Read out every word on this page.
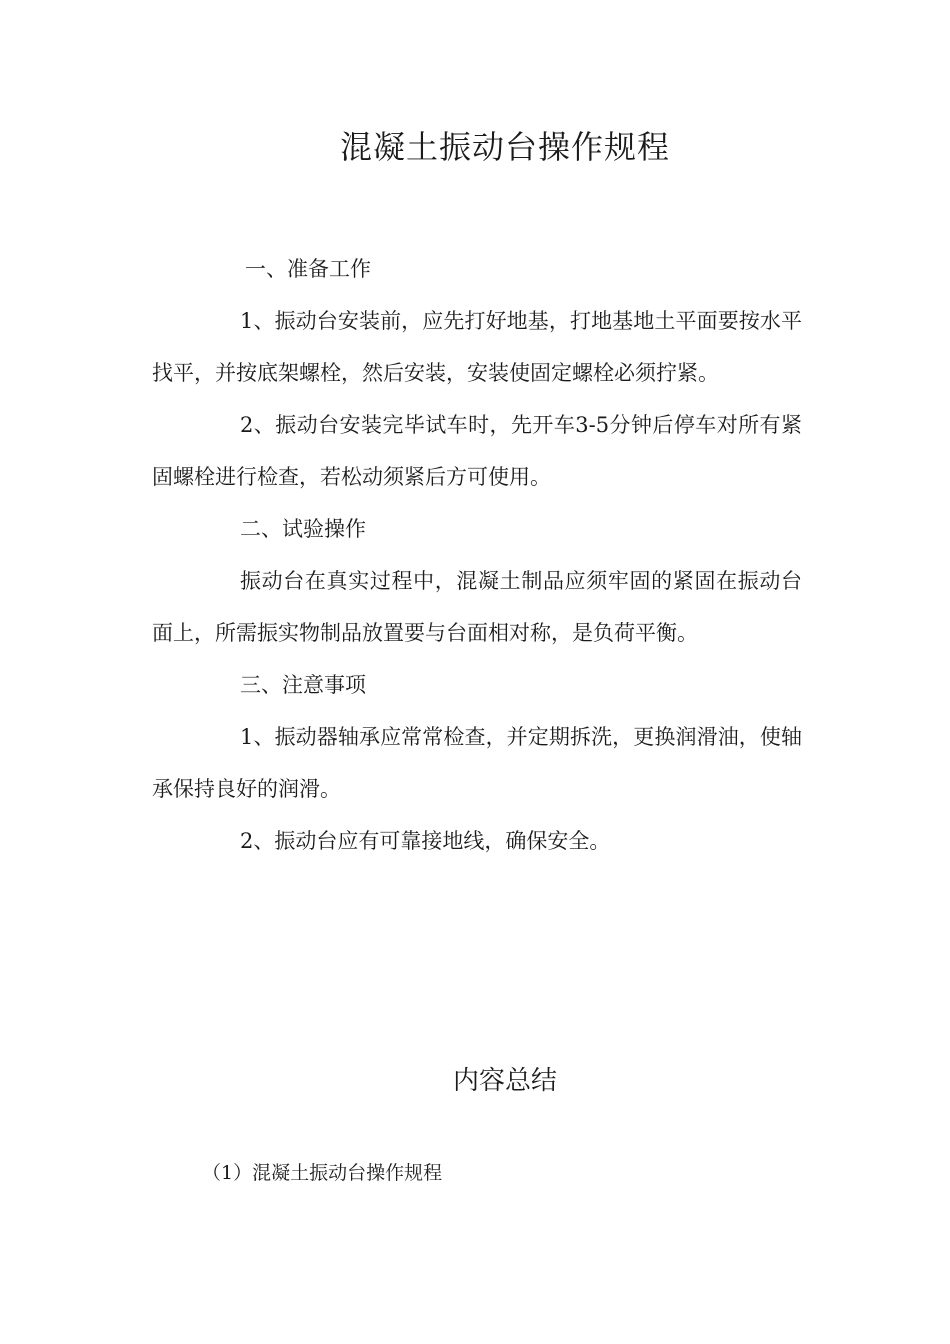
混凝土振动台操作规程

一、准备工作

1、振动台安装前，应先打好地基，打地基地土平面要按水平找平，并按底架螺栓，然后安装，安装使固定螺栓必须拧紧。

2、振动台安装完毕试车时，先开车3-5分钟后停车对所有紧固螺栓进行检查，若松动须紧后方可使用。

二、试验操作

振动台在真实过程中，混凝土制品应须牢固的紧固在振动台面上，所需振实物制品放置要与台面相对称，是负荷平衡。

三、注意事项

1、振动器轴承应常常检查，并定期拆洗，更换润滑油，使轴承保持良好的润滑。

2、振动台应有可靠接地线，确保安全。

内容总结
（1）混凝土振动台操作规程
